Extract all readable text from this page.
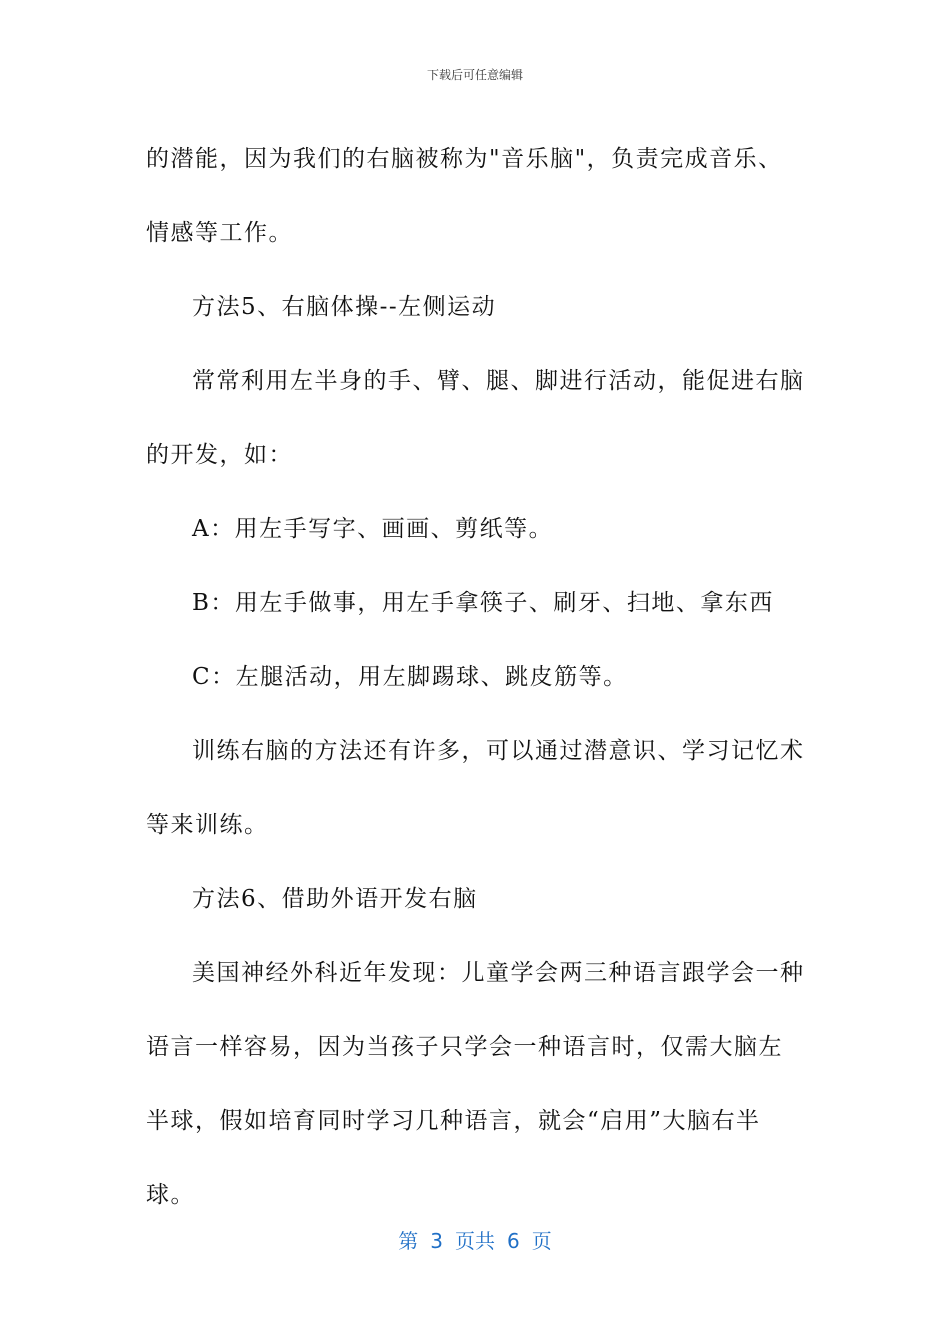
下载后可任意编辑

的潜能，因为我们的右脑被称为"音乐脑"，负责完成音乐、情感等工作。

方法5、右脑体操--左侧运动

常常利用左半身的手、臂、腿、脚进行活动，能促进右脑的开发，如：

A：用左手写字、画画、剪纸等。

B：用左手做事，用左手拿筷子、刷牙、扫地、拿东西

C：左腿活动，用左脚踢球、跳皮筋等。

训练右脑的方法还有许多，可以通过潜意识、学习记忆术等来训练。

方法6、借助外语开发右脑

美国神经外科近年发现：儿童学会两三种语言跟学会一种语言一样容易，因为当孩子只学会一种语言时，仅需大脑左半球，假如培育同时学习几种语言，就会“启用”大脑右半球。

第 3 页共 6 页
